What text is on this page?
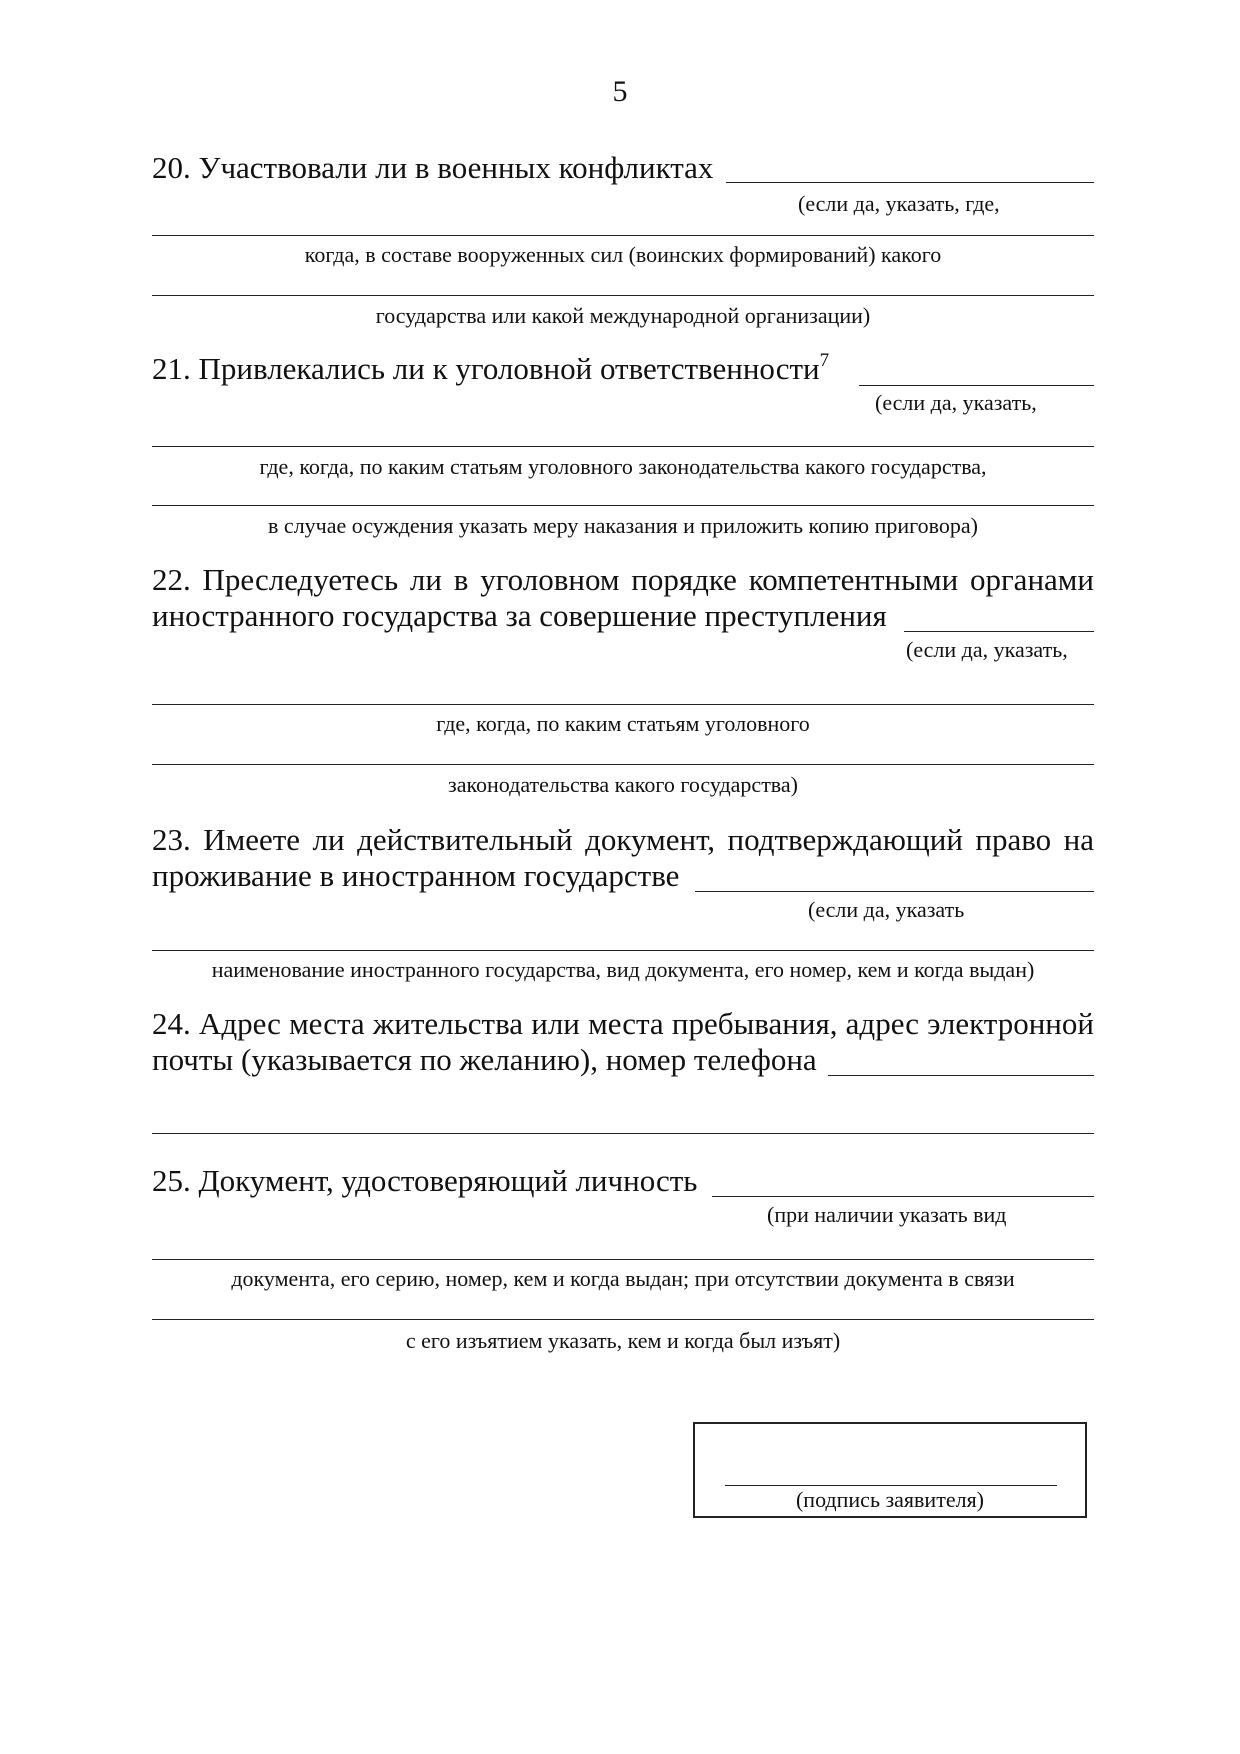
5
20. Участвовали ли в военных конфликтах
(если да, указать, где,
когда, в составе вооруженных сил (воинских формирований) какого
государства или какой международной организации)
21. Привлекались ли к уголовной ответственности$^7$
(если да, указать,
где, когда, по каким статьям уголовного законодательства какого государства,
в случае осуждения указать меру наказания и приложить копию приговора)
22. Преследуетесь ли в уголовном порядке компетентными органами
иностранного государства за совершение преступления
(если да, указать,
где, когда, по каким статьям уголовного
законодательства какого государства)
23. Имеете ли действительный документ, подтверждающий право на
проживание в иностранном государстве
(если да, указать
наименование иностранного государства, вид документа, его номер, кем и когда выдан)
24. Адрес места жительства или места пребывания, адрес электронной
почты (указывается по желанию), номер телефона
25. Документ, удостоверяющий личность
(при наличии указать вид
документа, его серию, номер, кем и когда выдан; при отсутствии документа в связи
с его изъятием указать, кем и когда был изъят)
(подпись заявителя)
